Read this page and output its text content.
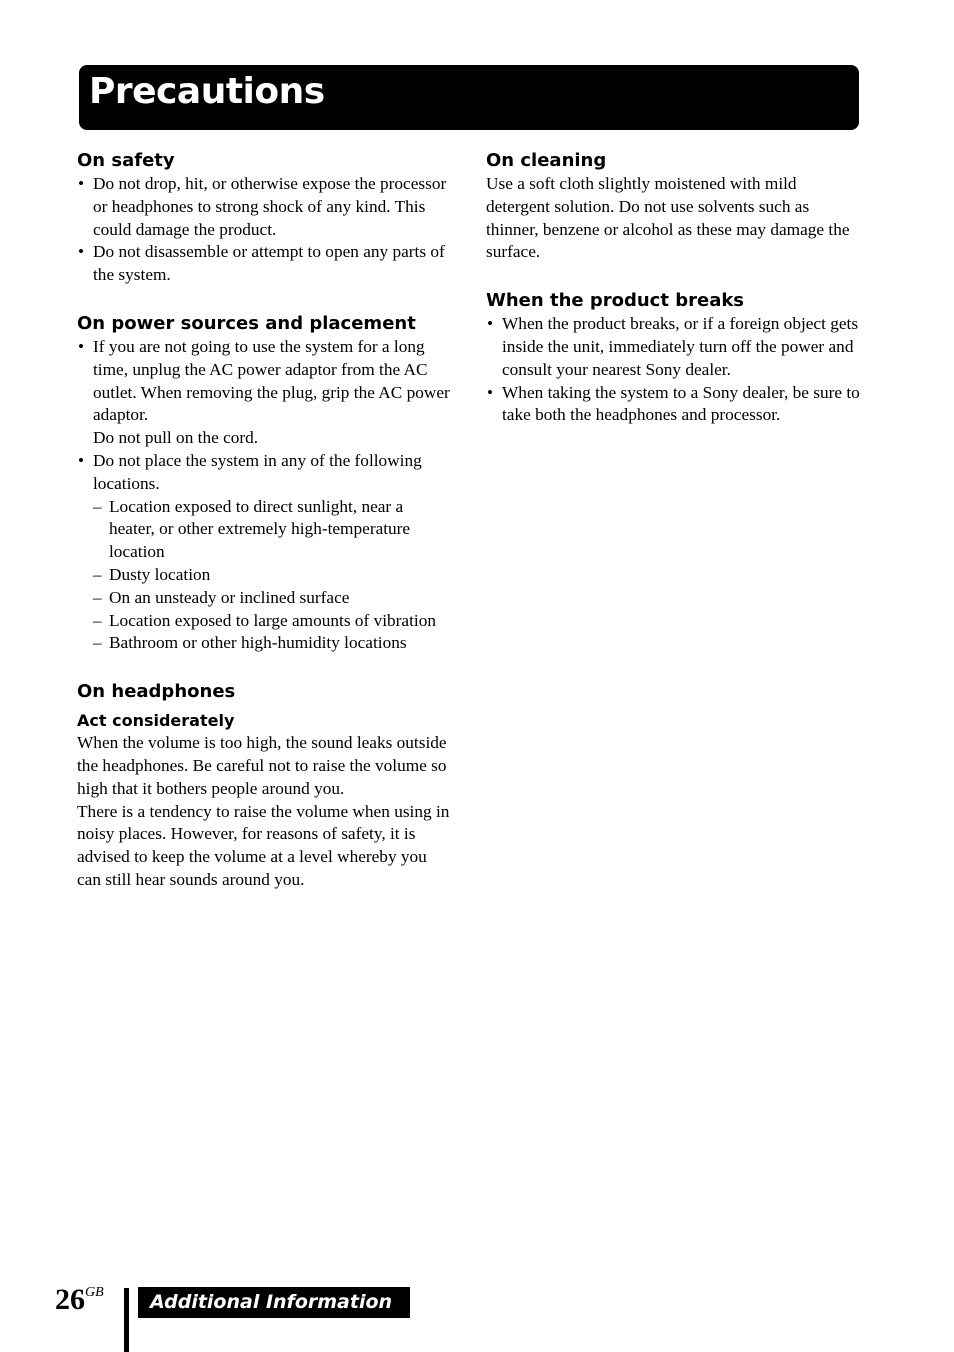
Precautions

On safety

• Do not drop, hit, or otherwise expose the processor or headphones to strong shock of any kind. This could damage the product.
• Do not disassemble or attempt to open any parts of the system.

On power sources and placement

• If you are not going to use the system for a long time, unplug the AC power adaptor from the AC outlet. When removing the plug, grip the AC power adaptor.
Do not pull on the cord.
• Do not place the system in any of the following locations.
– Location exposed to direct sunlight, near a heater, or other extremely high-temperature location
– Dusty location
– On an unsteady or inclined surface
– Location exposed to large amounts of vibration
– Bathroom or other high-humidity locations

On headphones

Act considerately

When the volume is too high, the sound leaks outside the headphones. Be careful not to raise the volume so high that it bothers people around you.

There is a tendency to raise the volume when using in noisy places. However, for reasons of safety, it is advised to keep the volume at a level whereby you can still hear sounds around you.

On cleaning

Use a soft cloth slightly moistened with mild detergent solution. Do not use solvents such as thinner, benzene or alcohol as these may damage the surface.

When the product breaks

• When the product breaks, or if a foreign object gets inside the unit, immediately turn off the power and consult your nearest Sony dealer.
• When taking the system to a Sony dealer, be sure to take both the headphones and processor.
$26^{GB}$	Additional Information
